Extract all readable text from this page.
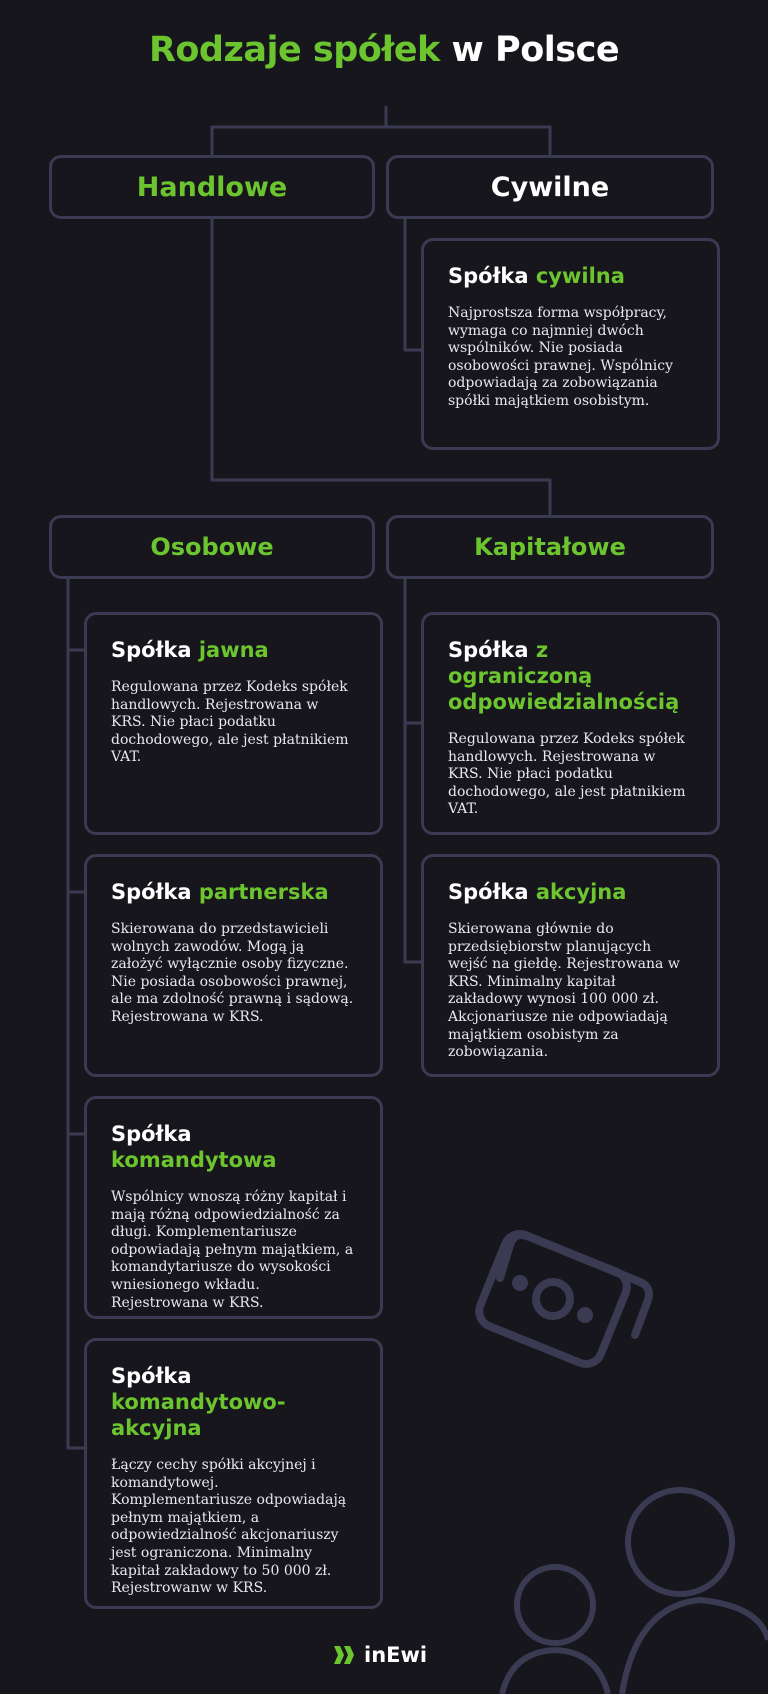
Rodzaje spółek w Polsce
Handlowe	Cywilne
Osobowe	Kapitałowe
Spółka cywilna

Najprostsza forma współpracy, wymaga co najmniej dwóch wspólników. Nie posiada osobowości prawnej. Wspólnicy odpowiadają za zobowiązania spółki majątkiem osobistym.

Spółka jawna

Regulowana przez Kodeks spółek handlowych. Rejestrowana w KRS. Nie płaci podatku dochodowego, ale jest płatnikiem VAT.

Spółka z ograniczoną odpowiedzialnością

Regulowana przez Kodeks spółek handlowych. Rejestrowana w KRS. Nie płaci podatku dochodowego, ale jest płatnikiem VAT.

Spółka partnerska

Skierowana do przedstawicieli wolnych zawodów. Mogą ją założyć wyłącznie osoby fizyczne. Nie posiada osobowości prawnej, ale ma zdolność prawną i sądową. Rejestrowana w KRS.

Spółka akcyjna

Skierowana głównie do przedsiębiorstw planujących wejść na giełdę. Rejestrowana w KRS. Minimalny kapitał zakładowy wynosi 100 000 zł. Akcjonariusze nie odpowiadają majątkiem osobistym za zobowiązania.

Spółka komandytowa

Wspólnicy wnoszą różny kapitał i mają różną odpowiedzialność za długi. Komplementariusze odpowiadają pełnym majątkiem, a komandytariusze do wysokości wniesionego wkładu. Rejestrowana w KRS.

Spółka komandytowo-akcyjna

Łączy cechy spółki akcyjnej i komandytowej. Komplementariusze odpowiadają pełnym majątkiem, a odpowiedzialność akcjonariuszy jest ograniczona. Minimalny kapitał zakładowy to 50 000 zł. Rejestrowanw w KRS.

inEwi
